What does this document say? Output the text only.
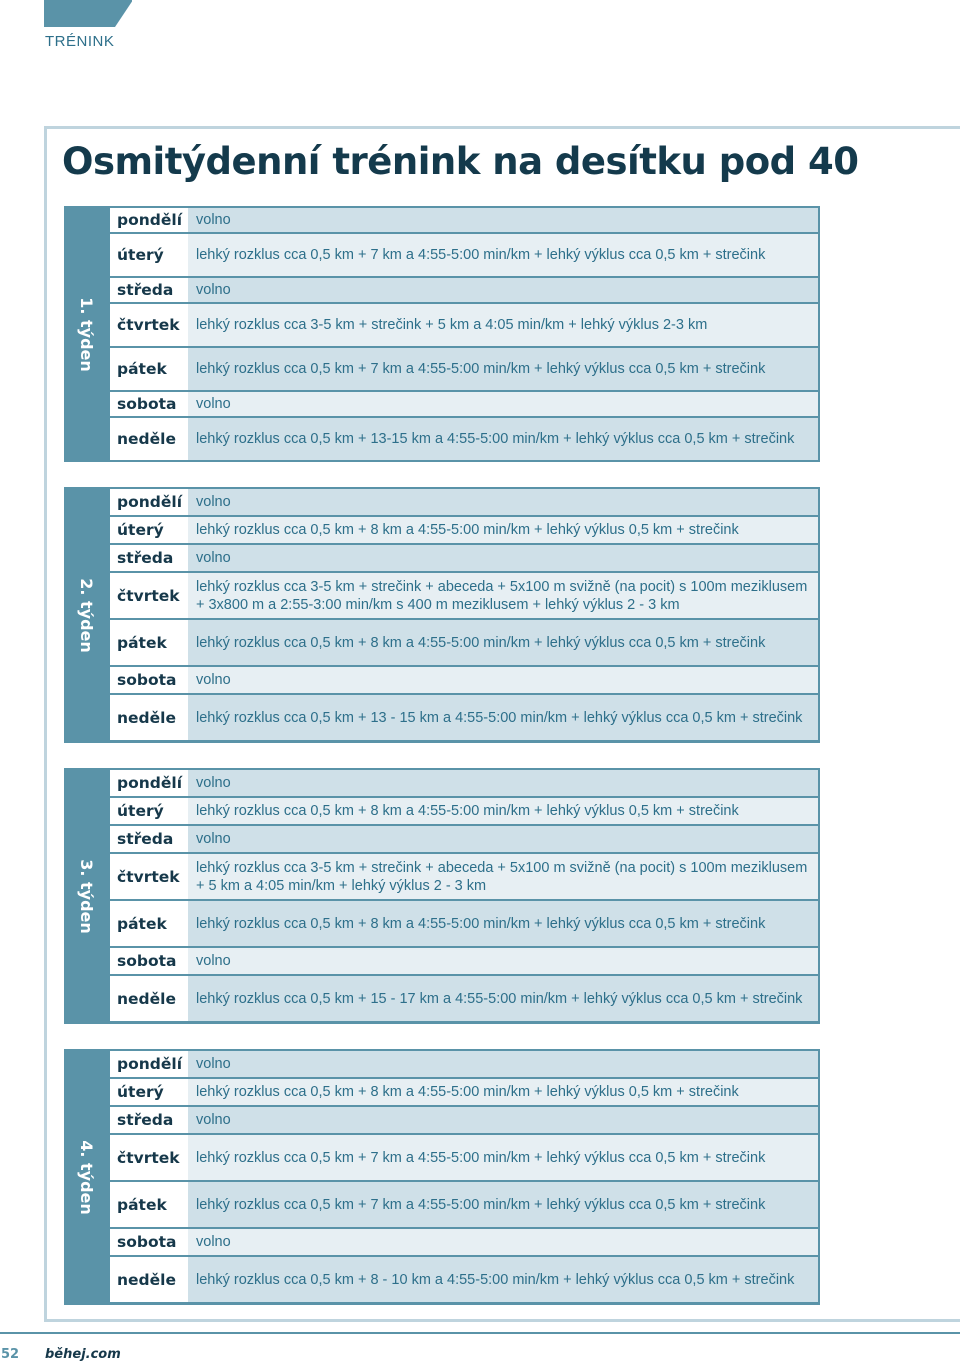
TRÉNINK
Osmitýdenní trénink na desítku pod 40
1. týden
pondělí volno
úterý	lehký rozklus cca 0,5 km + 7 km a 4:55-5:00 min/km + lehký výklus cca 0,5 km + strečink
středa	volno
čtvrtek	lehký rozklus cca 3-5 km + strečink + 5 km a 4:05 min/km + lehký výklus 2-3 km
pátek	lehký rozklus cca 0,5 km + 7 km a 4:55-5:00 min/km + lehký výklus cca 0,5 km + strečink
sobota	volno
neděle	lehký rozklus cca 0,5 km + 13-15 km a 4:55-5:00 min/km + lehký výklus cca 0,5 km + strečink
2. týden
pondělí volno
úterý	lehký rozklus cca 0,5 km + 8 km a 4:55-5:00 min/km + lehký výklus 0,5 km + strečink
středa	volno
čtvrtek	lehký rozklus cca 3-5 km + strečink + abeceda + 5x100 m svižně (na pocit) s 100m meziklusem + 3x800 m a 2:55-3:00 min/km s 400 m meziklusem + lehký výklus 2 - 3 km
pátek	lehký rozklus cca 0,5 km + 8 km a 4:55-5:00 min/km + lehký výklus cca 0,5 km + strečink
sobota	volno
neděle	lehký rozklus cca 0,5 km + 13 - 15 km a 4:55-5:00 min/km + lehký výklus cca 0,5 km + strečink
3. týden
pondělí volno
úterý	lehký rozklus cca 0,5 km + 8 km a 4:55-5:00 min/km + lehký výklus 0,5 km + strečink
středa	volno
čtvrtek	lehký rozklus cca 3-5 km + strečink + abeceda + 5x100 m svižně (na pocit) s 100m meziklusem + 5 km a 4:05 min/km + lehký výklus 2 - 3 km
pátek	lehký rozklus cca 0,5 km + 8 km a 4:55-5:00 min/km + lehký výklus cca 0,5 km + strečink
sobota	volno
neděle	lehký rozklus cca 0,5 km + 15 - 17 km a 4:55-5:00 min/km + lehký výklus cca 0,5 km + strečink
4. týden
pondělí volno
úterý	lehký rozklus cca 0,5 km + 8 km a 4:55-5:00 min/km + lehký výklus 0,5 km + strečink
středa	volno
čtvrtek	lehký rozklus cca 0,5 km + 7 km a 4:55-5:00 min/km + lehký výklus cca 0,5 km + strečink
pátek	lehký rozklus cca 0,5 km + 7 km a 4:55-5:00 min/km + lehký výklus cca 0,5 km + strečink
sobota	volno
neděle	lehký rozklus cca 0,5 km + 8 - 10 km a 4:55-5:00 min/km + lehký výklus cca 0,5 km + strečink
52 běhej.com
